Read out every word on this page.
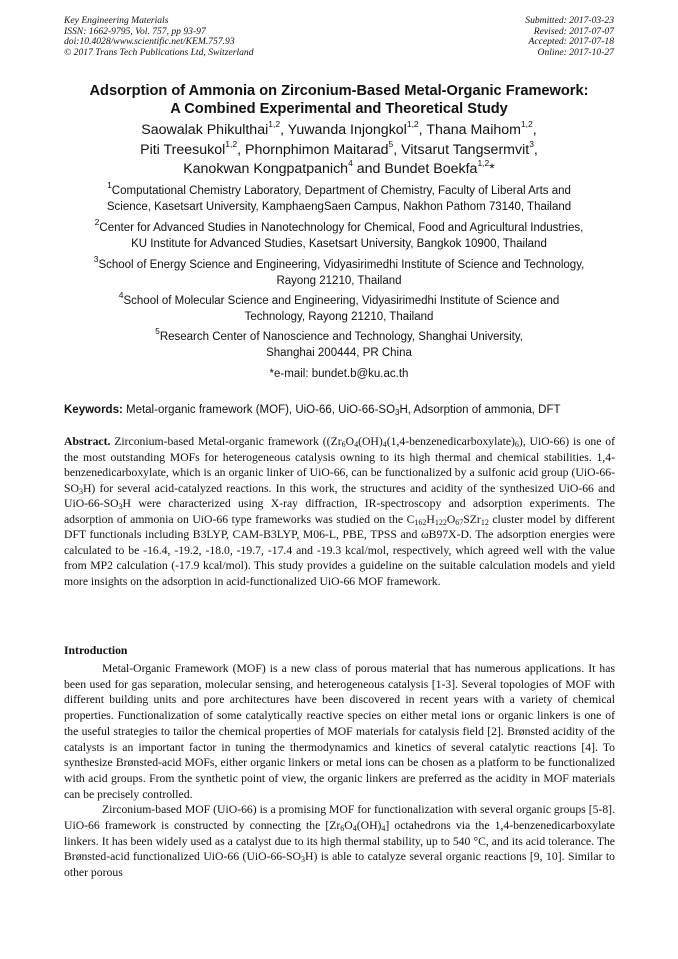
Key Engineering Materials
ISSN: 1662-9795, Vol. 757, pp 93-97
doi:10.4028/www.scientific.net/KEM.757.93
© 2017 Trans Tech Publications Ltd, Switzerland
Submitted: 2017-03-23
Revised: 2017-07-07
Accepted: 2017-07-18
Online: 2017-10-27
Adsorption of Ammonia on Zirconium-Based Metal-Organic Framework:
A Combined Experimental and Theoretical Study
Saowalak Phikulthai$^{1,2}$, Yuwanda Injongkol$^{1,2}$, Thana Maihom$^{1,2}$,
Piti Treesukol$^{1,2}$, Phornphimon Maitarad$^5$, Vitsarut Tangsermvit$^3$,
Kanokwan Kongpatpanich$^4$ and Bundet Boekfa$^{1,2}$*
$^1$Computational Chemistry Laboratory, Department of Chemistry, Faculty of Liberal Arts and
Science, Kasetsart University, KamphaengSaen Campus, Nakhon Pathom 73140, Thailand
$^2$Center for Advanced Studies in Nanotechnology for Chemical, Food and Agricultural Industries,
KU Institute for Advanced Studies, Kasetsart University, Bangkok 10900, Thailand
$^3$School of Energy Science and Engineering, Vidyasirimedhi Institute of Science and Technology,
Rayong 21210, Thailand
$^4$School of Molecular Science and Engineering, Vidyasirimedhi Institute of Science and
Technology, Rayong 21210, Thailand
$^5$Research Center of Nanoscience and Technology, Shanghai University,
Shanghai 200444, PR China
*e-mail: bundet.b@ku.ac.th
Keywords: Metal-organic framework (MOF), UiO-66, UiO-66-SO3H, Adsorption of ammonia, DFT
Abstract. Zirconium-based Metal-organic framework ((Zr6O4(OH)4(1,4-benzenedicarboxylate)6), UiO-66) is one of the most outstanding MOFs for heterogeneous catalysis owning to its high thermal and chemical stabilities. 1,4-benzenedicarboxylate, which is an organic linker of UiO-66, can be functionalized by a sulfonic acid group (UiO-66-SO3H) for several acid-catalyzed reactions. In this work, the structures and acidity of the synthesized UiO-66 and UiO-66-SO3H were characterized using X-ray diffraction, IR-spectroscopy and adsorption experiments. The adsorption of ammonia on UiO-66 type frameworks was studied on the C162H122O67SZr12 cluster model by different DFT functionals including B3LYP, CAM-B3LYP, M06-L, PBE, TPSS and ωB97X-D. The adsorption energies were calculated to be -16.4, -19.2, -18.0, -19.7, -17.4 and -19.3 kcal/mol, respectively, which agreed well with the value from MP2 calculation (-17.9 kcal/mol). This study provides a guideline on the suitable calculation models and yield more insights on the adsorption in acid-functionalized UiO-66 MOF framework.
Introduction

Metal-Organic Framework (MOF) is a new class of porous material that has numerous applications. It has been used for gas separation, molecular sensing, and heterogeneous catalysis [1-3]. Several topologies of MOF with different building units and pore architectures have been discovered in recent years with a variety of chemical properties. Functionalization of some catalytically reactive species on either metal ions or organic linkers is one of the useful strategies to tailor the chemical properties of MOF materials for catalysis field [2]. Brønsted acidity of the catalysts is an important factor in tuning the thermodynamics and kinetics of several catalytic reactions [4]. To synthesize Brønsted-acid MOFs, either organic linkers or metal ions can be chosen as a platform to be functionalized with acid groups. From the synthetic point of view, the organic linkers are preferred as the acidity in MOF materials can be precisely controlled.

Zirconium-based MOF (UiO-66) is a promising MOF for functionalization with several organic groups [5-8]. UiO-66 framework is constructed by connecting the [Zr6O4(OH)4] octahedrons via the 1,4-benzenedicarboxylate linkers. It has been widely used as a catalyst due to its high thermal stability, up to 540 °C, and its acid tolerance. The Brønsted-acid functionalized UiO-66 (UiO-66-SO3H) is able to catalyze several organic reactions [9, 10]. Similar to other porous
